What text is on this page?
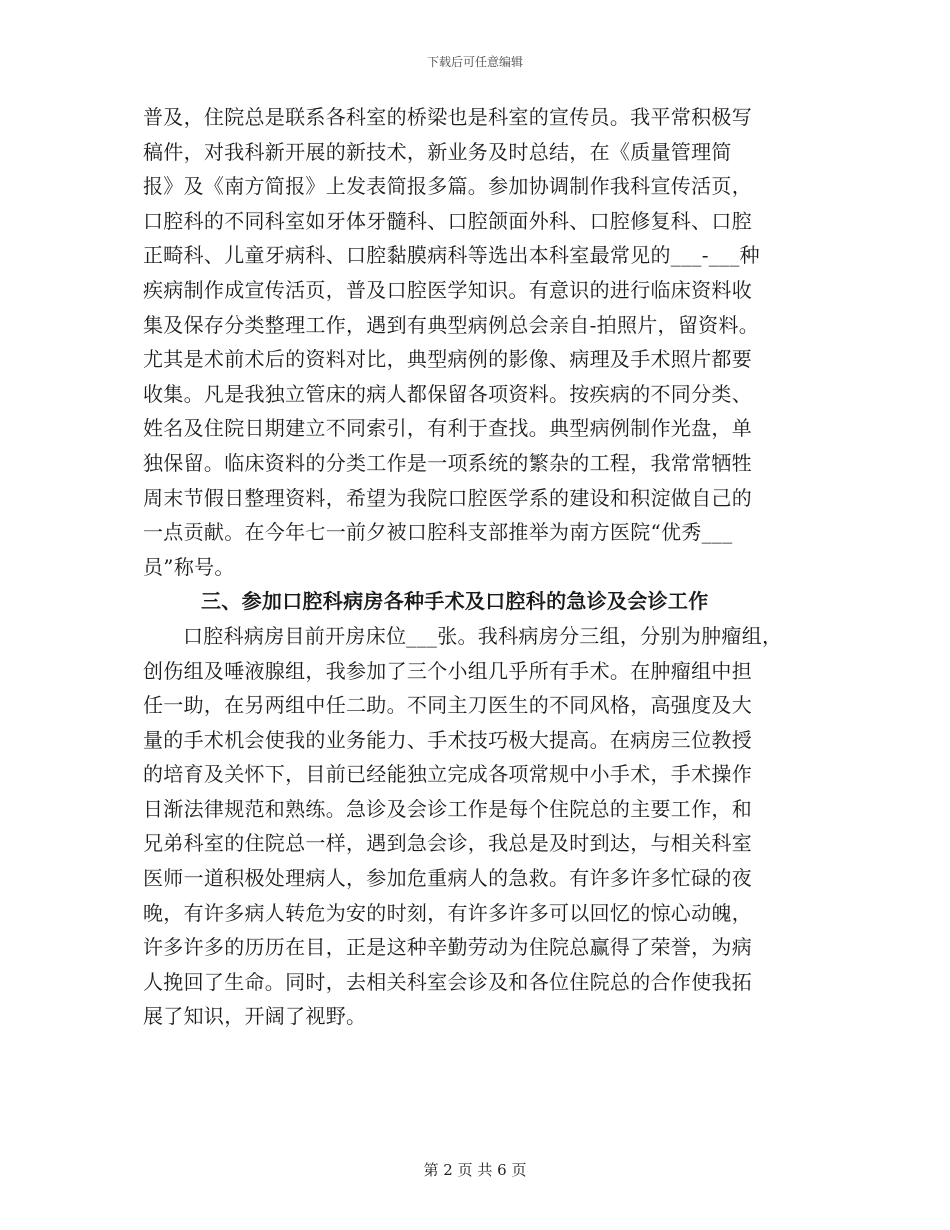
下载后可任意编辑
普及，住院总是联系各科室的桥梁也是科室的宣传员。我平常积极写
稿件，对我科新开展的新技术，新业务及时总结，在《质量管理简
报》及《南方简报》上发表简报多篇。参加协调制作我科宣传活页，
口腔科的不同科室如牙体牙髓科、口腔颌面外科、口腔修复科、口腔
正畸科、儿童牙病科、口腔黏膜病科等选出本科室最常见的___-___种
疾病制作成宣传活页，普及口腔医学知识。有意识的进行临床资料收
集及保存分类整理工作，遇到有典型病例总会亲自-拍照片，留资料。
尤其是术前术后的资料对比，典型病例的影像、病理及手术照片都要
收集。凡是我独立管床的病人都保留各项资料。按疾病的不同分类、
姓名及住院日期建立不同索引，有利于查找。典型病例制作光盘，单
独保留。临床资料的分类工作是一项系统的繁杂的工程，我常常牺牲
周末节假日整理资料，希望为我院口腔医学系的建设和积淀做自己的
一点贡献。在今年七一前夕被口腔科支部推举为南方医院“优秀___
员”称号。
三、参加口腔科病房各种手术及口腔科的急诊及会诊工作
口腔科病房目前开房床位___张。我科病房分三组，分别为肿瘤组，
创伤组及唾液腺组，我参加了三个小组几乎所有手术。在肿瘤组中担
任一助，在另两组中任二助。不同主刀医生的不同风格，高强度及大
量的手术机会使我的业务能力、手术技巧极大提高。在病房三位教授
的培育及关怀下，目前已经能独立完成各项常规中小手术，手术操作
日渐法律规范和熟练。急诊及会诊工作是每个住院总的主要工作，和
兄弟科室的住院总一样，遇到急会诊，我总是及时到达，与相关科室
医师一道积极处理病人，参加危重病人的急救。有许多许多忙碌的夜
晚，有许多病人转危为安的时刻，有许多许多可以回忆的惊心动魄，
许多许多的历历在目，正是这种辛勤劳动为住院总赢得了荣誉，为病
人挽回了生命。同时，去相关科室会诊及和各位住院总的合作使我拓
展了知识，开阔了视野。
第 2 页 共 6 页
